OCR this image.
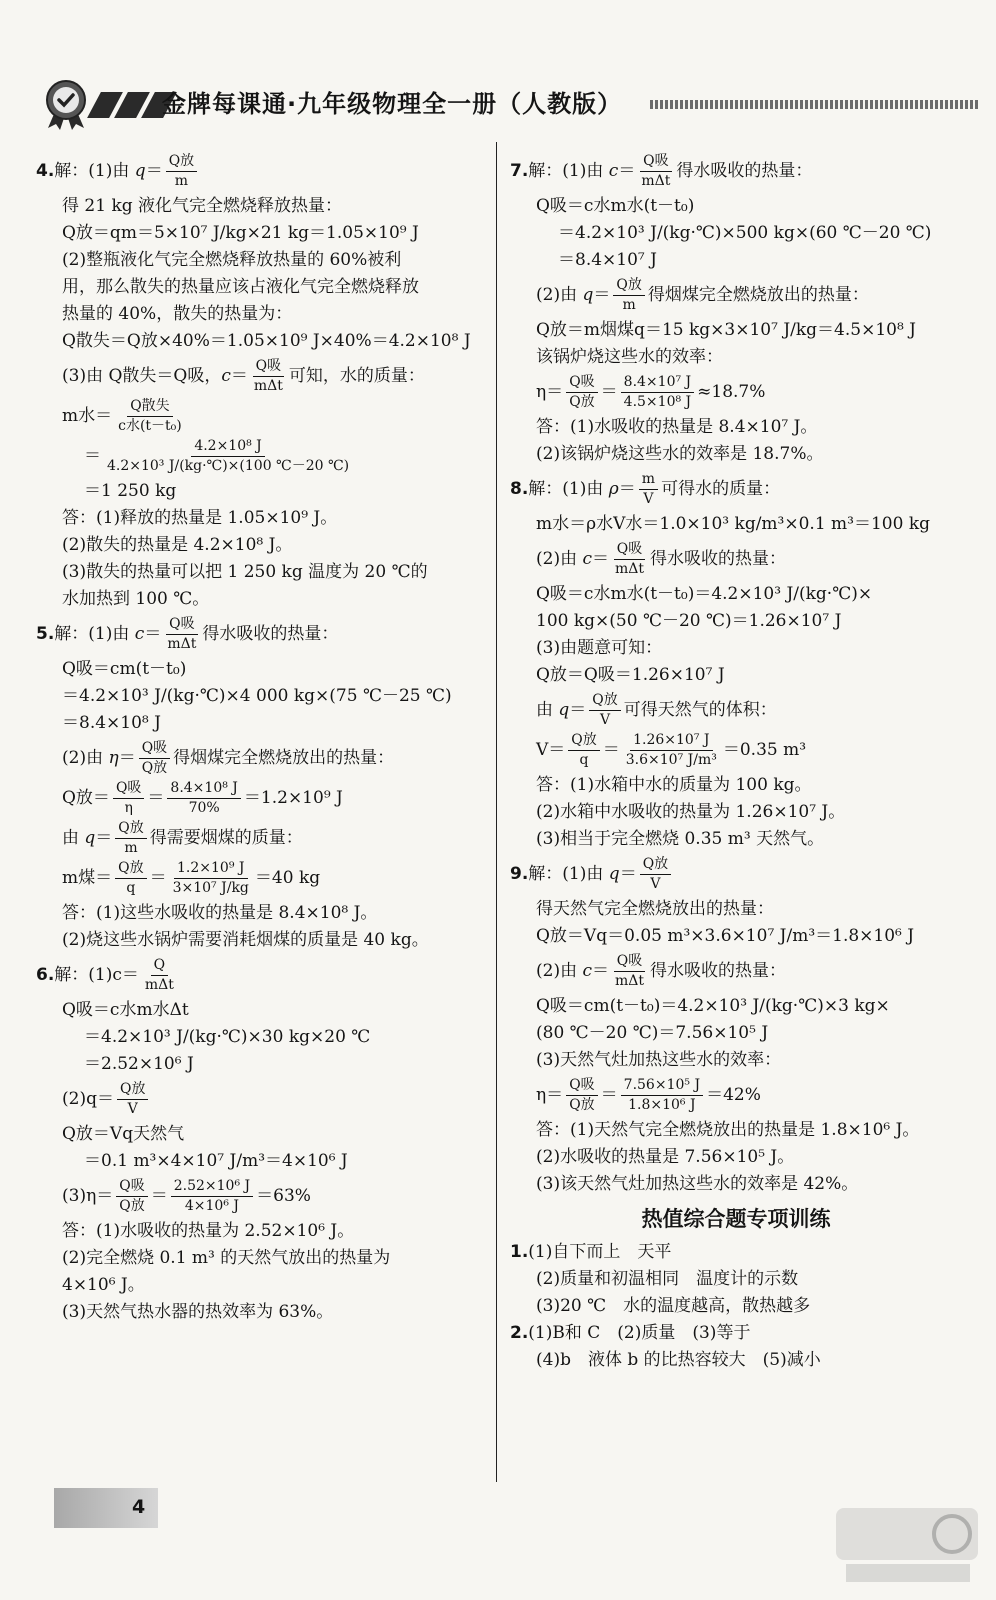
金牌每课通·九年级物理全一册（人教版）
4. 解：(1)由 $q = \frac{\text{Q放}}{m}$
得 21 kg 液化气完全燃烧释放热量：
Q放＝qm＝5×10⁷ J/kg×21 kg＝1.05×10⁹ J
(2)整瓶液化气完全燃烧释放热量的 60%被利
用，那么散失的热量应该占液化气完全燃烧释放
热量的 40%，散失的热量为：
Q散失＝Q放×40%＝1.05×10⁹ J×40%＝4.2×10⁸ J
(3)由 Q散失＝Q吸， $c = \frac{\text{Q吸}}{\text{mΔt}}$ 可知，水的质量：
m水＝ $\frac{\text{Q散失}}{\text{c水(t－t₀)}}$
＝ $\frac{\text{4.2×10⁸ J}}{\text{4.2×10³ J/(kg·℃)×(100 ℃－20 ℃)}}$
＝1 250 kg
答：(1)释放的热量是 1.05×10⁹ J。
(2)散失的热量是 4.2×10⁸ J。
(3)散失的热量可以把 1 250 kg 温度为 20 ℃的
水加热到 100 ℃。
5. 解：(1)由 $c = \frac{\text{Q吸}}{\text{mΔt}}$ 得水吸收的热量：
Q吸＝cm(t－t₀)
＝4.2×10³ J/(kg·℃)×4 000 kg×(75 ℃－25 ℃)
＝8.4×10⁸ J
(2)由 $\eta = \frac{\text{Q吸}}{\text{Q放}}$ 得烟煤完全燃烧放出的热量：
Q放＝ $\frac{\text{Q吸}}{\eta} = \frac{\text{8.4×10⁸ J}}{70\%} =1.2\times 10^9$ J
由 $q = \frac{\text{Q放}}{m}$ 得需要烟煤的质量：
m煤＝ $\frac{\text{Q放}}{q} = \frac{\text{1.2×10⁹ J}}{\text{3×10⁷ J/kg}} =40$ kg
答：(1)这些水吸收的热量是 8.4×10⁸ J。
(2)烧这些水锅炉需要消耗烟煤的质量是 40 kg。
6. 解：$(1)c= \frac{Q}{\text{mΔt}}$
Q吸＝c水m水Δt
＝4.2×10³ J/(kg·℃)×30 kg×20 ℃
＝2.52×10⁶ J
$(2)q= \frac{\text{Q放}}{V}$
Q放＝Vq天然气
＝0.1 m³×4×10⁷ J/m³＝4×10⁶ J
$(3)\eta= \frac{\text{Q吸}}{\text{Q放}} = \frac{\text{2.52×10⁶ J}}{\text{4×10⁶ J}} =63\%$
答：(1)水吸收的热量为 2.52×10⁶ J。
(2)完全燃烧 0.1 m³ 的天然气放出的热量为
4×10⁶ J。
(3)天然气热水器的热效率为 63%。
7. 解：(1)由 $c = \frac{\text{Q吸}}{\text{mΔt}}$ 得水吸收的热量：
Q吸＝c水m水(t－t₀)
＝4.2×10³ J/(kg·℃)×500 kg×(60 ℃－20 ℃)
＝8.4×10⁷ J
(2)由 $q = \frac{\text{Q放}}{m}$ 得烟煤完全燃烧放出的热量：
Q放＝m烟煤q＝15 kg×3×10⁷ J/kg＝4.5×10⁸ J
该锅炉烧这些水的效率：
$\eta= \frac{\text{Q吸}}{\text{Q放}} = \frac{\text{8.4×10⁷ J}}{\text{4.5×10⁸ J}} \approx 18.7\%$
答：(1)水吸收的热量是 8.4×10⁷ J。
(2)该锅炉烧这些水的效率是 18.7%。
8. 解：(1)由 $\rho = \frac{m}{V}$ 可得水的质量：
m水＝ρ水V水＝1.0×10³ kg/m³×0.1 m³＝100 kg
(2)由 $c = \frac{\text{Q吸}}{\text{mΔt}}$ 得水吸收的热量：
Q吸＝c水m水(t－t₀)＝4.2×10³ J/(kg·℃)×
100 kg×(50 ℃－20 ℃)＝1.26×10⁷ J
(3)由题意可知：
Q放＝Q吸＝1.26×10⁷ J
由 $q = \frac{\text{Q放}}{V}$ 可得天然气的体积：
$V= \frac{\text{Q放}}{q} = \frac{\text{1.26×10⁷ J}}{\text{3.6×10⁷ J/m³}} =0.35$ m³
答：(1)水箱中水的质量为 100 kg。
(2)水箱中水吸收的热量为 1.26×10⁷ J。
(3)相当于完全燃烧 0.35 m³ 天然气。
9. 解：(1)由 $q = \frac{\text{Q放}}{V}$
得天然气完全燃烧放出的热量：
Q放＝Vq＝0.05 m³×3.6×10⁷ J/m³＝1.8×10⁶ J
(2)由 $c = \frac{\text{Q吸}}{\text{mΔt}}$ 得水吸收的热量：
Q吸＝cm(t－t₀)＝4.2×10³ J/(kg·℃)×3 kg×
(80 ℃－20 ℃)＝7.56×10⁵ J
(3)天然气灶加热这些水的效率：
$\eta= \frac{\text{Q吸}}{\text{Q放}} = \frac{\text{7.56×10⁵ J}}{\text{1.8×10⁶ J}} =42\%$
答：(1)天然气完全燃烧放出的热量是 1.8×10⁶ J。
(2)水吸收的热量是 7.56×10⁵ J。
(3)该天然气灶加热这些水的效率是 42%。
热值综合题专项训练
1.(1)自下而上　天平
(2)质量和初温相同　温度计的示数
(3)20 ℃　水的温度越高，散热越多
2.(1)B和 C　(2)质量　(3)等于
(4)b　液体 b 的比热容较大　(5)减小
4
